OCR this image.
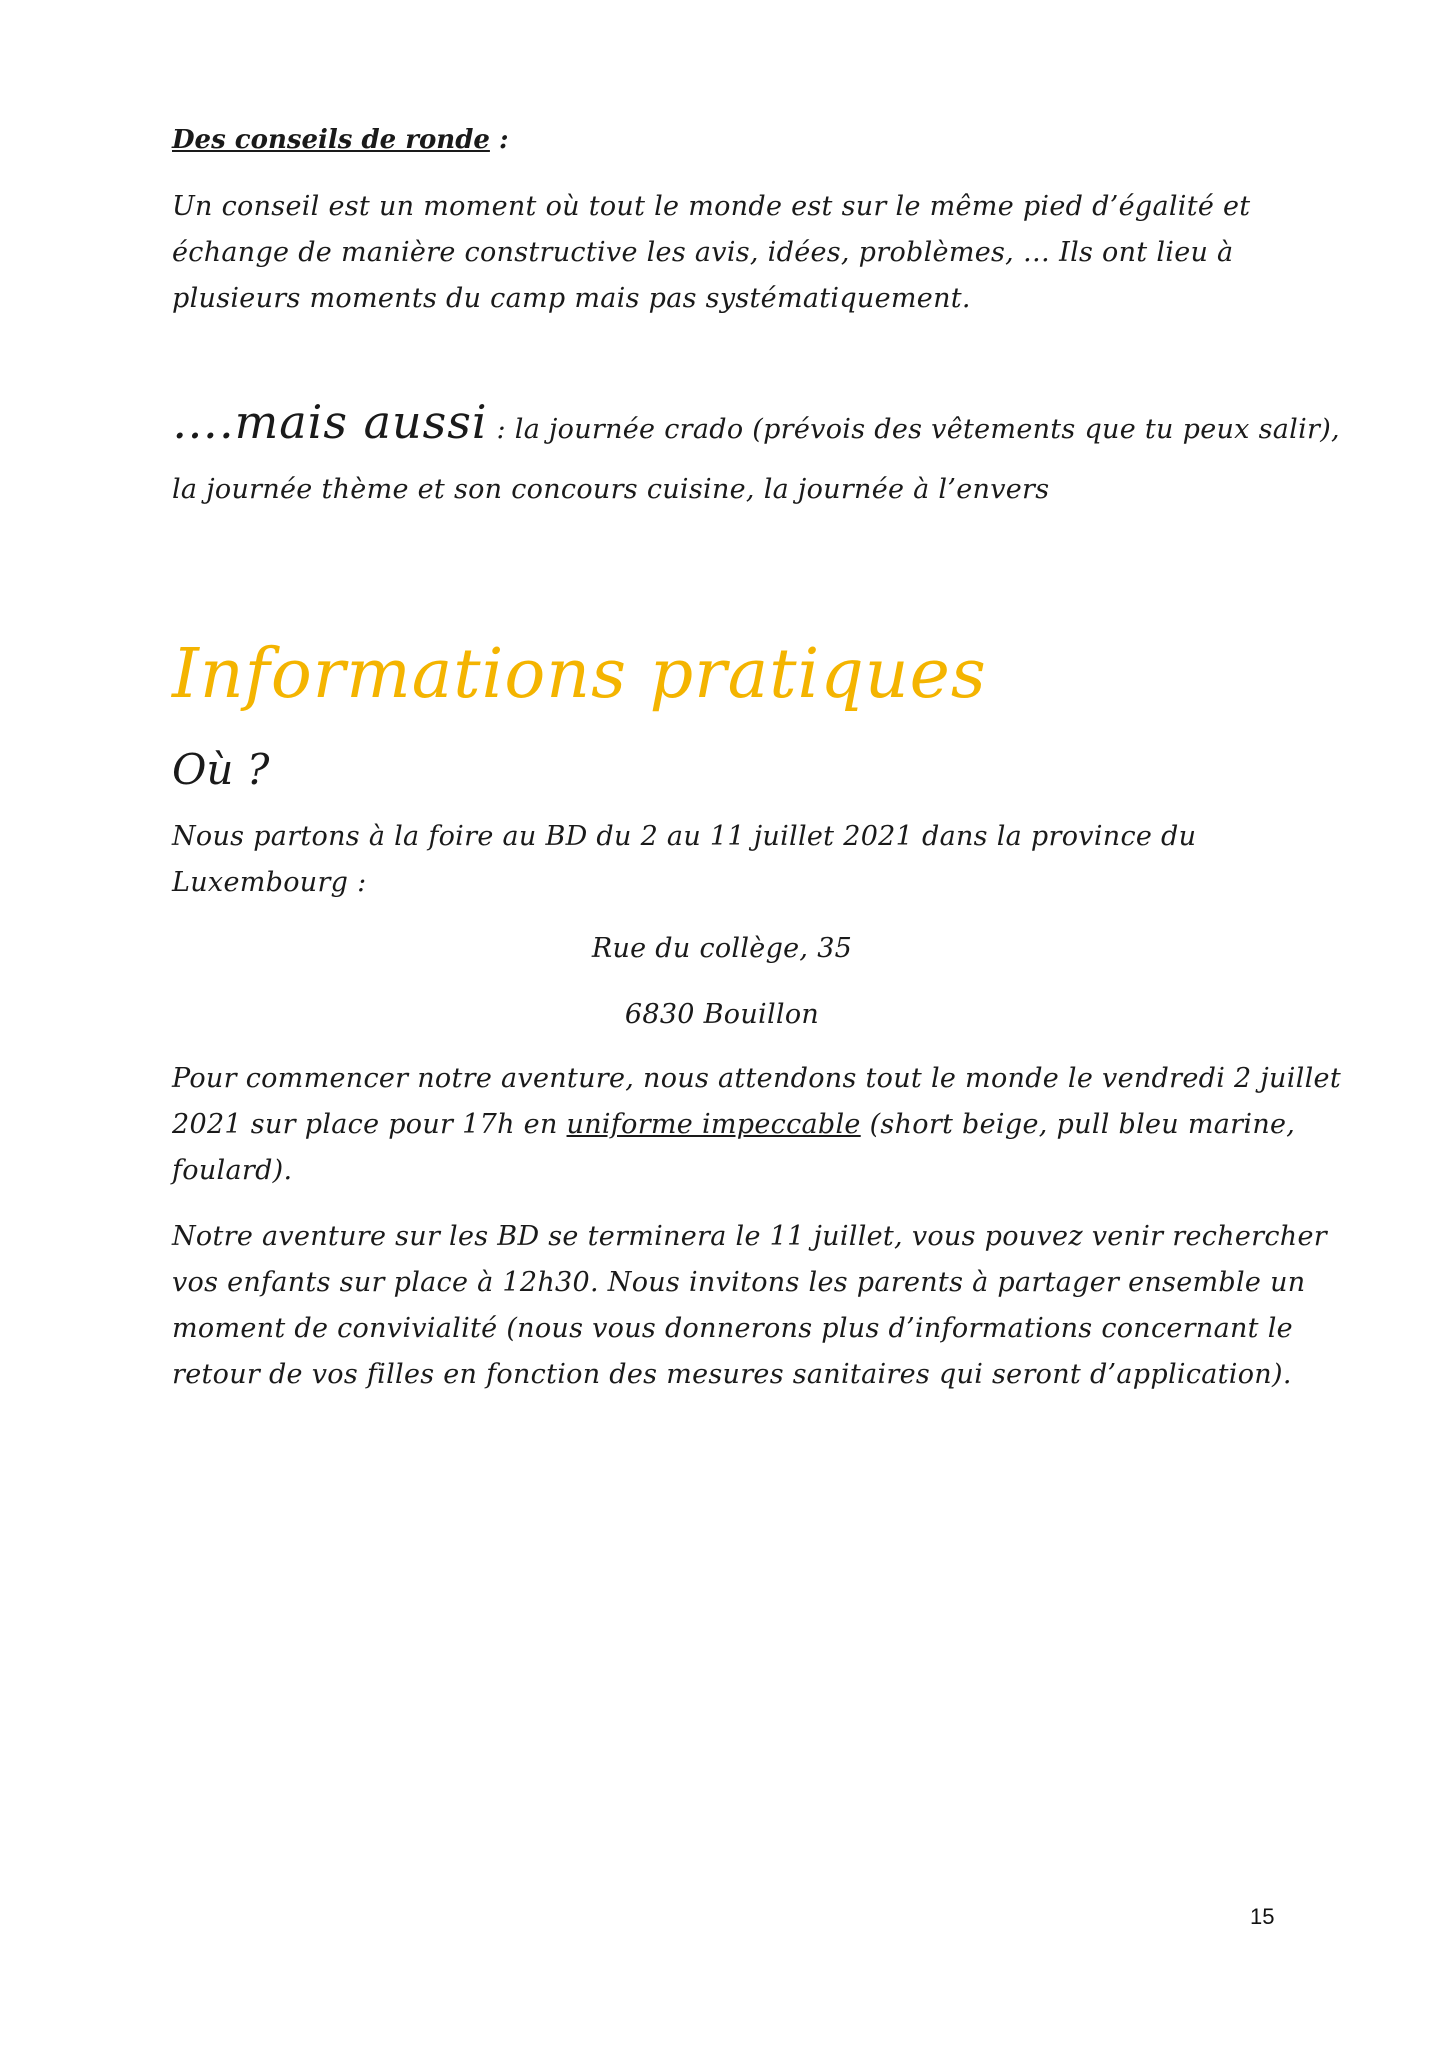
Des conseils de ronde :
Un conseil est un moment où tout le monde est sur le même pied d’égalité et échange de manière constructive les avis, idées, problèmes, … Ils ont lieu à plusieurs moments du camp mais pas systématiquement.
….mais aussi : la journée crado (prévois des vêtements que tu peux salir), la journée thème et son concours cuisine, la journée à l’envers
Informations pratiques
Où ?
Nous partons à la foire au BD du 2 au 11 juillet 2021 dans la province du Luxembourg :
Rue du collège, 35
6830 Bouillon
Pour commencer notre aventure, nous attendons tout le monde le vendredi 2 juillet 2021 sur place pour 17h en uniforme impeccable (short beige, pull bleu marine, foulard).
Notre aventure sur les BD se terminera le 11 juillet, vous pouvez venir rechercher vos enfants sur place à 12h30. Nous invitons les parents à partager ensemble un moment de convivialité (nous vous donnerons plus d’informations concernant le retour de vos filles en fonction des mesures sanitaires qui seront d’application).
15
